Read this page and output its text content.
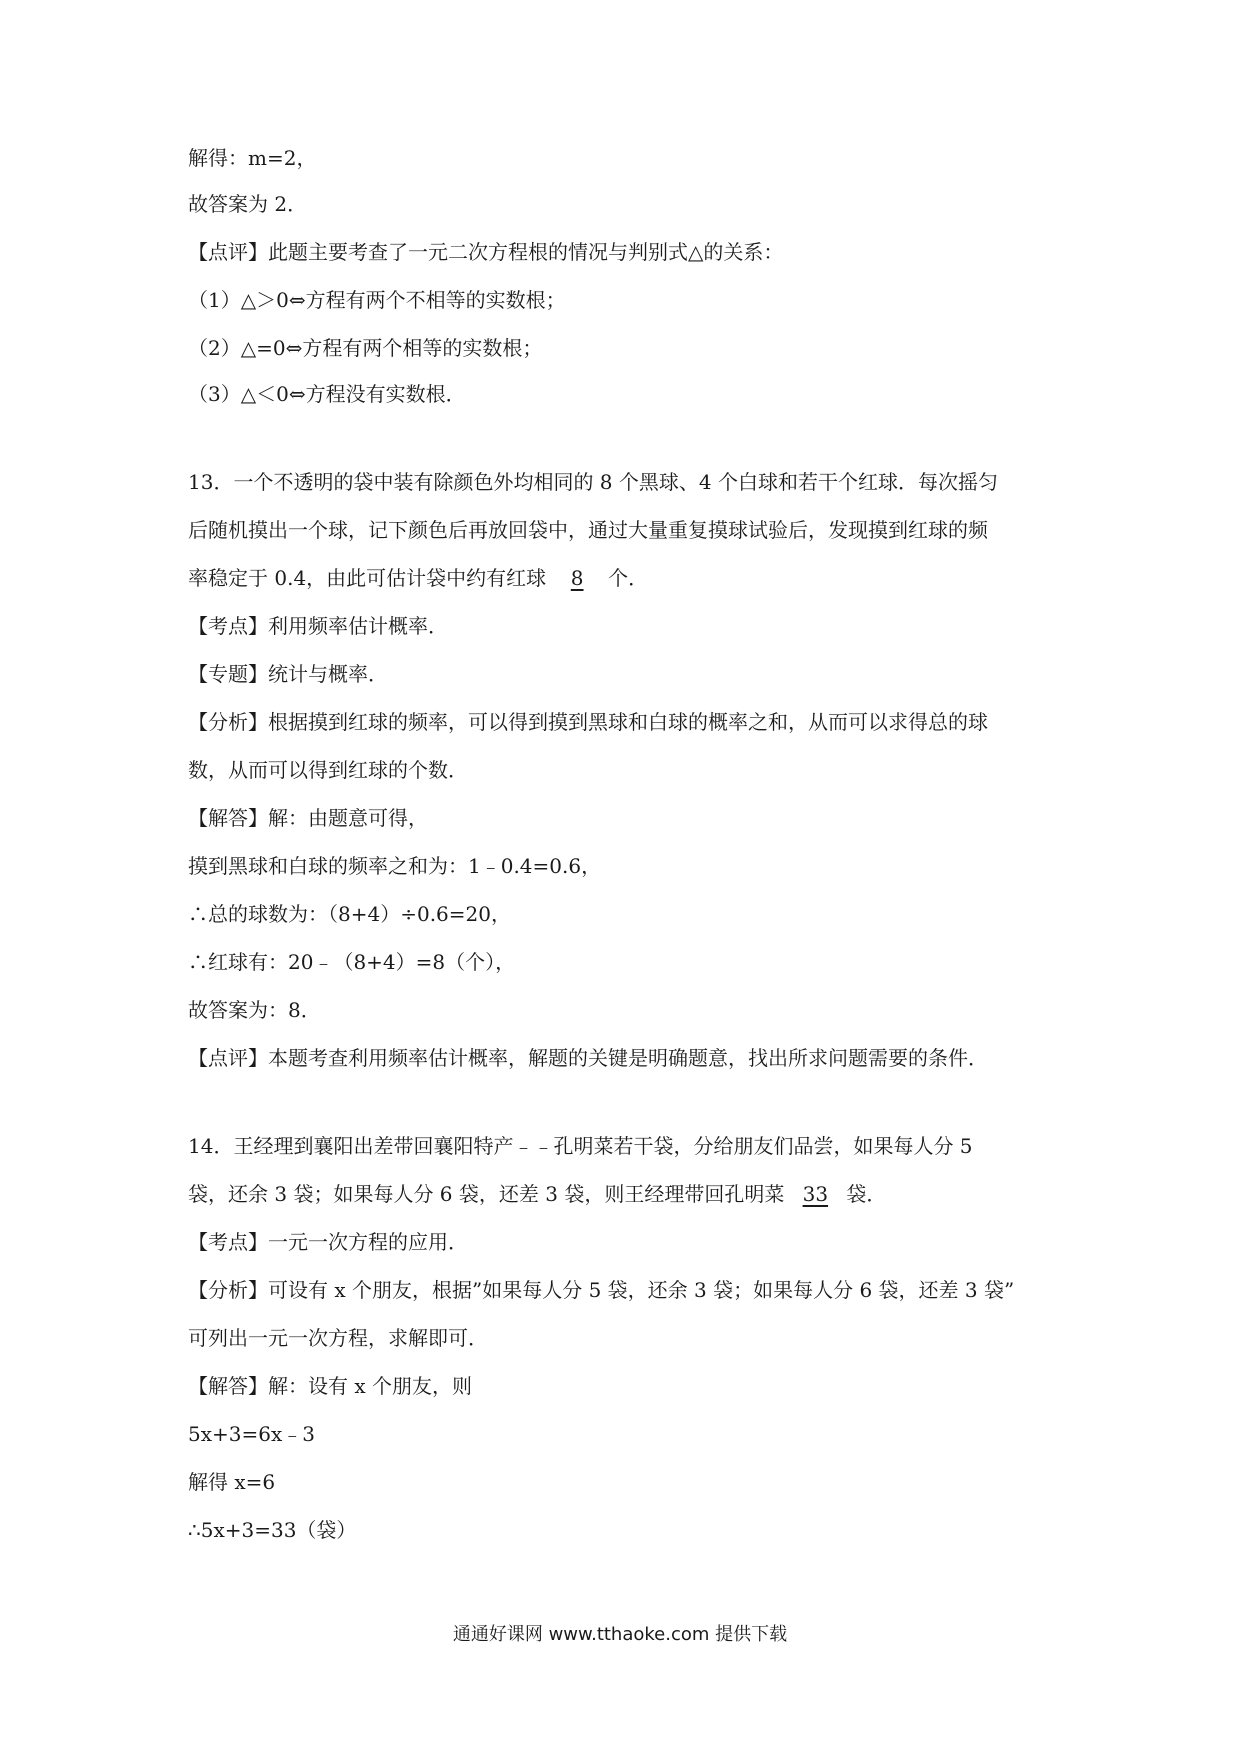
解得：m=2，
故答案为 2．
【点评】此题主要考查了一元二次方程根的情况与判别式△的关系：
（1）△＞0⇔方程有两个不相等的实数根；
（2）△=0⇔方程有两个相等的实数根；
（3）△＜0⇔方程没有实数根．
13．一个不透明的袋中装有除颜色外均相同的 8 个黑球、4 个白球和若干个红球．每次摇匀
后随机摸出一个球，记下颜色后再放回袋中，通过大量重复摸球试验后，发现摸到红球的频
率稳定于 0.4，由此可估计袋中约有红球 8 个．
【考点】利用频率估计概率．
【专题】统计与概率．
【分析】根据摸到红球的频率，可以得到摸到黑球和白球的概率之和，从而可以求得总的球
数，从而可以得到红球的个数．
【解答】解：由题意可得，
摸到黑球和白球的频率之和为：1﹣0.4=0.6，
∴总的球数为：（8+4）÷0.6=20，
∴红球有：20﹣（8+4）=8（个），
故答案为：8．
【点评】本题考查利用频率估计概率，解题的关键是明确题意，找出所求问题需要的条件．
14．王经理到襄阳出差带回襄阳特产﹣﹣孔明菜若干袋，分给朋友们品尝，如果每人分 5
袋，还余 3 袋；如果每人分 6 袋，还差 3 袋，则王经理带回孔明菜 33 袋．
【考点】一元一次方程的应用．
【分析】可设有 x 个朋友，根据”如果每人分 5 袋，还余 3 袋；如果每人分 6 袋，还差 3 袋”
可列出一元一次方程，求解即可．
【解答】解：设有 x 个朋友，则
5x+3=6x﹣3
解得 x=6
∴5x+3=33（袋）
通通好课网 www.tthaoke.com 提供下载
